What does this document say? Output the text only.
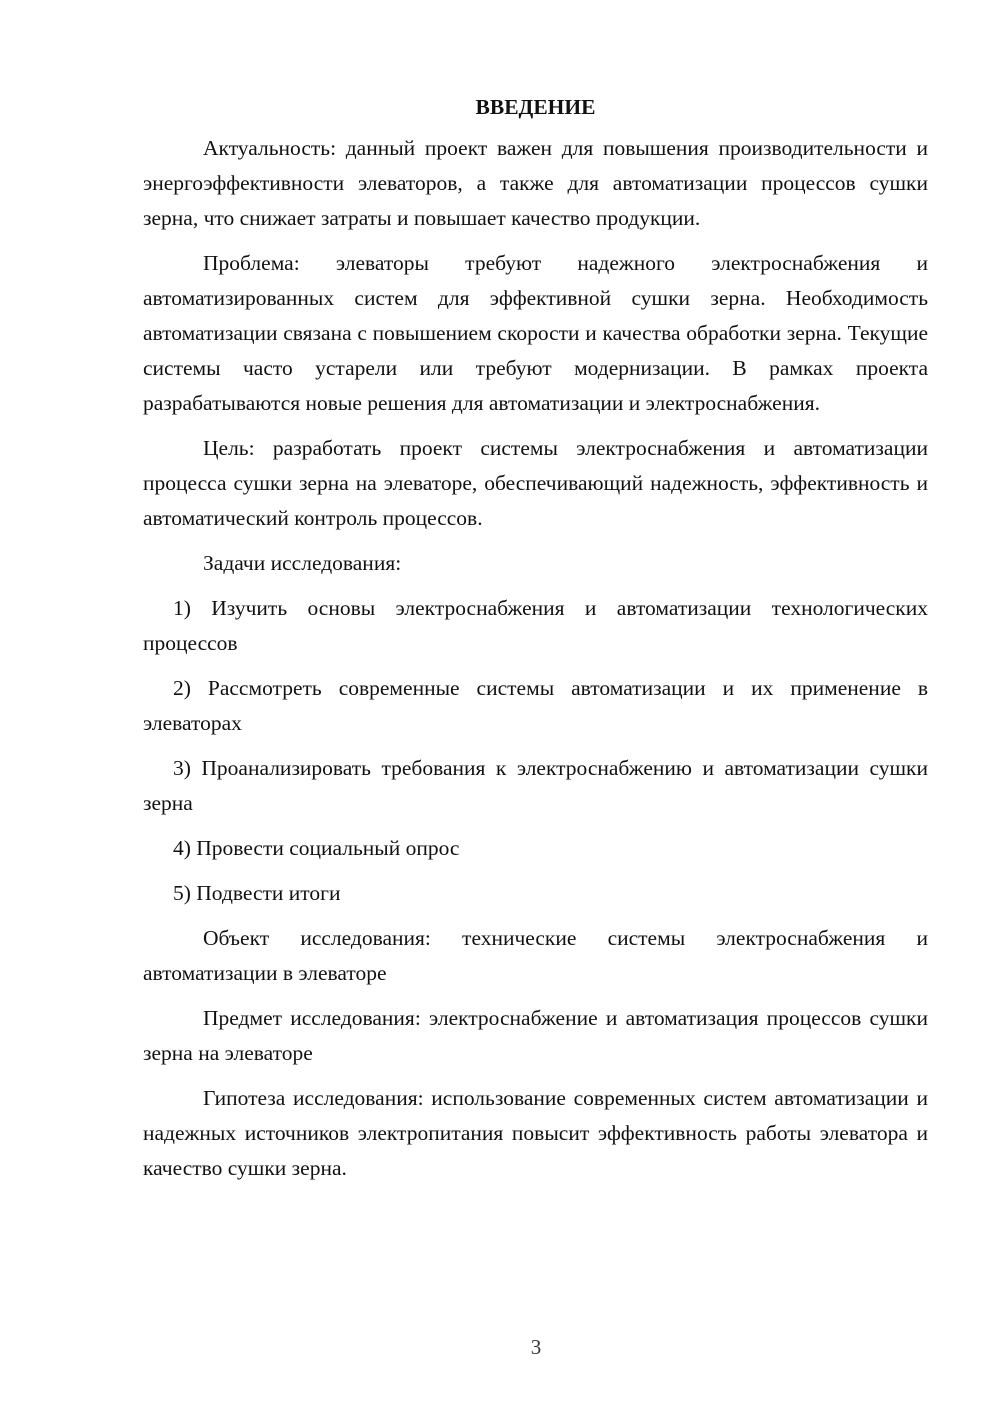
ВВЕДЕНИЕ

Актуальность: данный проект важен для повышения производительности и энергоэффективности элеваторов, а также для автоматизации процессов сушки зерна, что снижает затраты и повышает качество продукции.

Проблема: элеваторы требуют надежного электроснабжения и автоматизированных систем для эффективной сушки зерна. Необходимость автоматизации связана с повышением скорости и качества обработки зерна. Текущие системы часто устарели или требуют модернизации. В рамках проекта разрабатываются новые решения для автоматизации и электроснабжения.

Цель: разработать проект системы электроснабжения и автоматизации процесса сушки зерна на элеваторе, обеспечивающий надежность, эффективность и автоматический контроль процессов.

Задачи исследования:

1) Изучить основы электроснабжения и автоматизации технологических процессов

2) Рассмотреть современные системы автоматизации и их применение в элеваторах

3) Проанализировать требования к электроснабжению и автоматизации сушки зерна

4) Провести социальный опрос

5) Подвести итоги

Объект исследования: технические системы электроснабжения и автоматизации в элеваторе

Предмет исследования: электроснабжение и автоматизация процессов сушки зерна на элеваторе

Гипотеза исследования: использование современных систем автоматизации и надежных источников электропитания повысит эффективность работы элеватора и качество сушки зерна.

3
